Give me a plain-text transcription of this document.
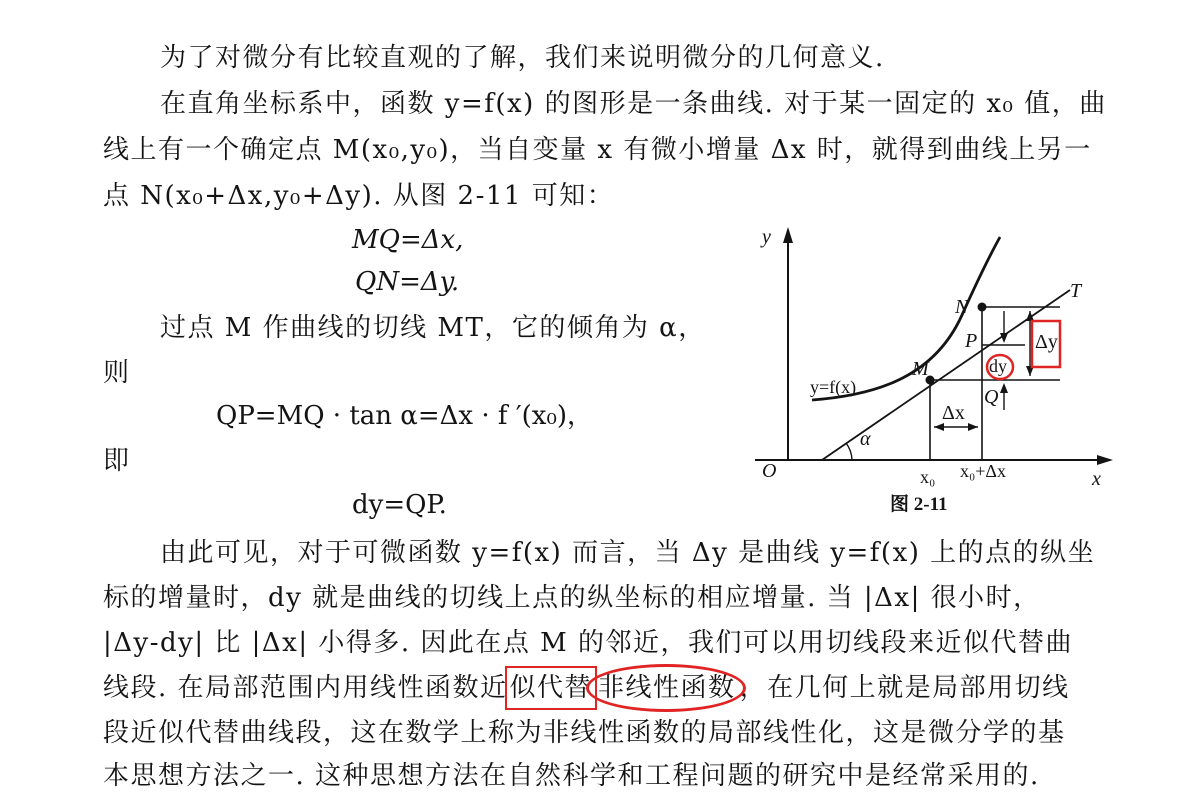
为了对微分有比较直观的了解，我们来说明微分的几何意义.
在直角坐标系中，函数 y=f(x) 的图形是一条曲线. 对于某一固定的 x₀ 值，曲
线上有一个确定点 M(x₀,y₀)，当自变量 x 有微小增量 Δx 时，就得到曲线上另一
点 N(x₀+Δx,y₀+Δy). 从图 2-11 可知：
MQ=Δx,
QN=Δy.
过点 M 作曲线的切线 MT，它的倾角为 α，
则
QP=MQ · tan α=Δx · f ′(x₀)，
即
dy=QP.
y
x
O
y=f(x)
T
α
M
N
P
Q
Δx
Δy
dy
x₀ x₀+Δx
图 2-11
由此可见，对于可微函数 y=f(x) 而言，当 Δy 是曲线 y=f(x) 上的点的纵坐
标的增量时，dy 就是曲线的切线上点的纵坐标的相应增量. 当 |Δx| 很小时，
|Δy-dy| 比 |Δx| 小得多. 因此在点 M 的邻近，我们可以用切线段来近似代替曲
线段. 在局部范围内用线性函数近似代替 非线性函数 ，在几何上就是局部用切线
段近似代替曲线段，这在数学上称为非线性函数的局部线性化，这是微分学的基
本思想方法之一. 这种思想方法在自然科学和工程问题的研究中是经常采用的.
